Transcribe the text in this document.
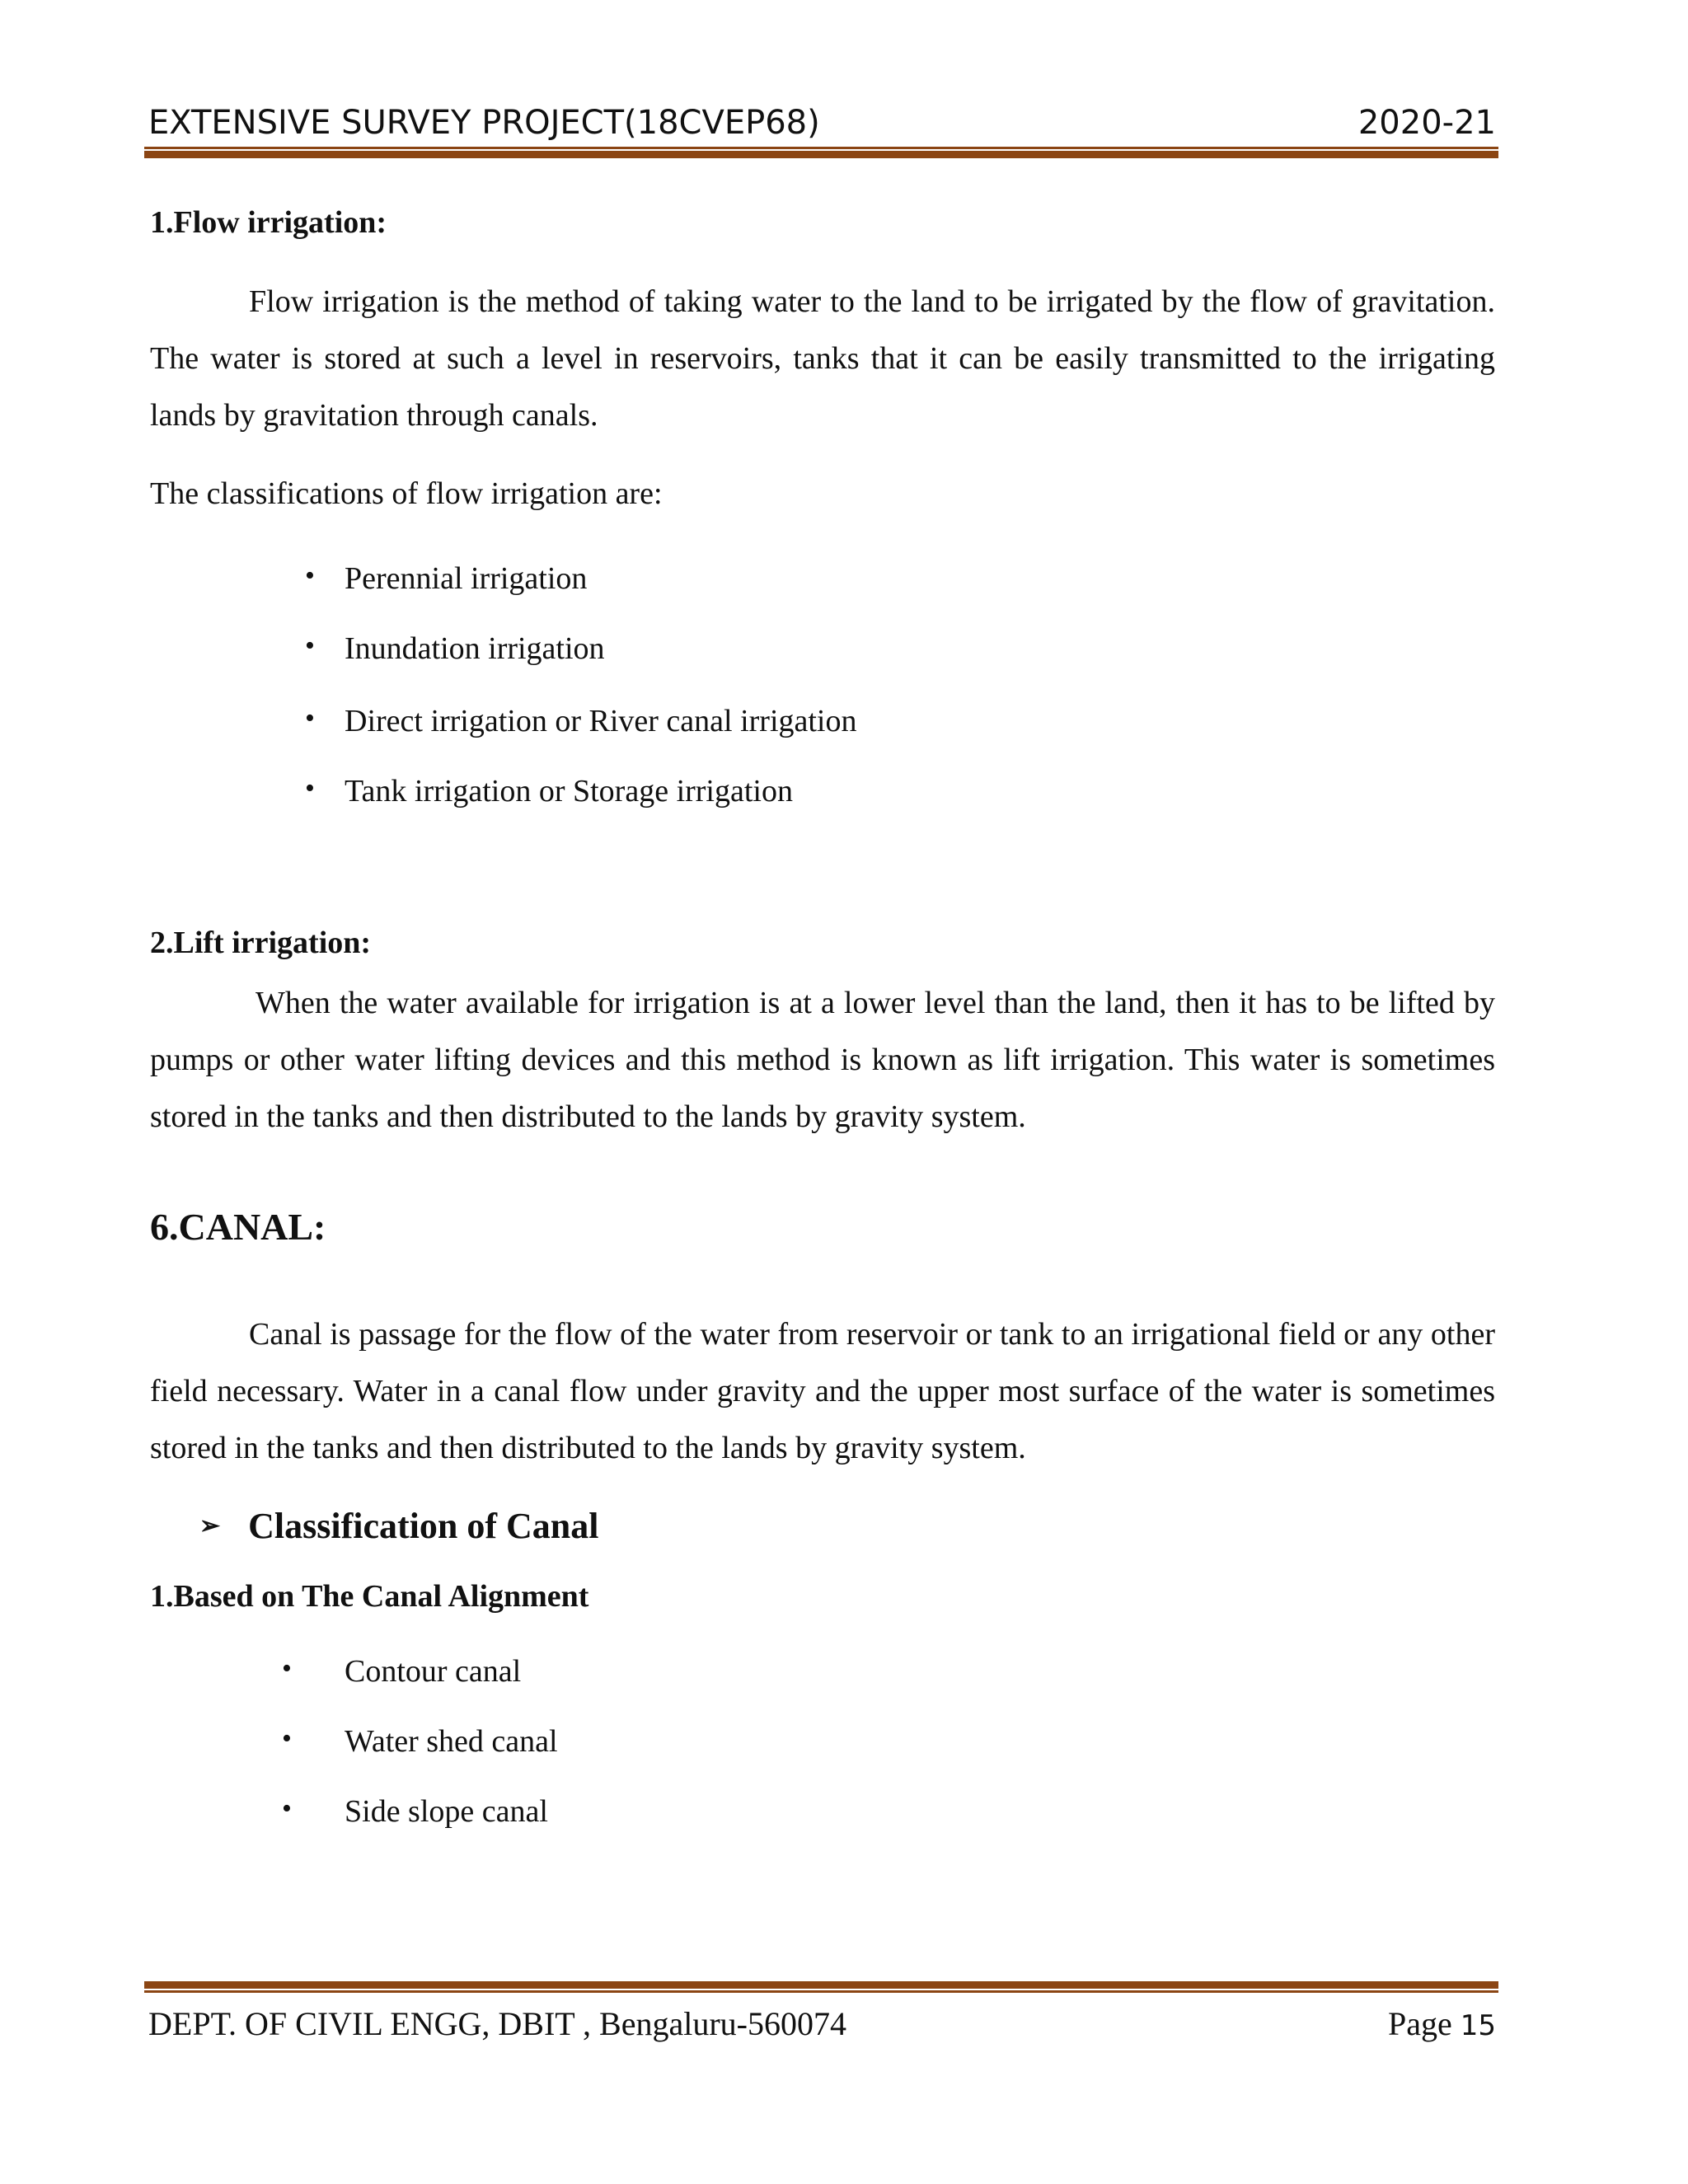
EXTENSIVE SURVEY PROJECT(18CVEP68)	2020-21
1.Flow irrigation:
Flow irrigation is the method of taking water to the land to be irrigated by the flow of gravitation. The water is stored at such a level in reservoirs, tanks that it can be easily transmitted to the irrigating lands by gravitation through canals.
The classifications of flow irrigation are:
• Perennial irrigation
• Inundation irrigation
• Direct irrigation or River canal irrigation
• Tank irrigation or Storage irrigation
2.Lift irrigation:
When the water available for irrigation is at a lower level than the land, then it has to be lifted by pumps or other water lifting devices and this method is known as lift irrigation. This water is sometimes stored in the tanks and then distributed to the lands by gravity system.
6.CANAL:
Canal is passage for the flow of the water from reservoir or tank to an irrigational field or any other field necessary. Water in a canal flow under gravity and the upper most surface of the water is sometimes stored in the tanks and then distributed to the lands by gravity system.
➢ Classification of Canal
1.Based on The Canal Alignment
• Contour canal
• Water shed canal
• Side slope canal
DEPT. OF CIVIL ENGG, DBIT , Bengaluru-560074	Page 15
